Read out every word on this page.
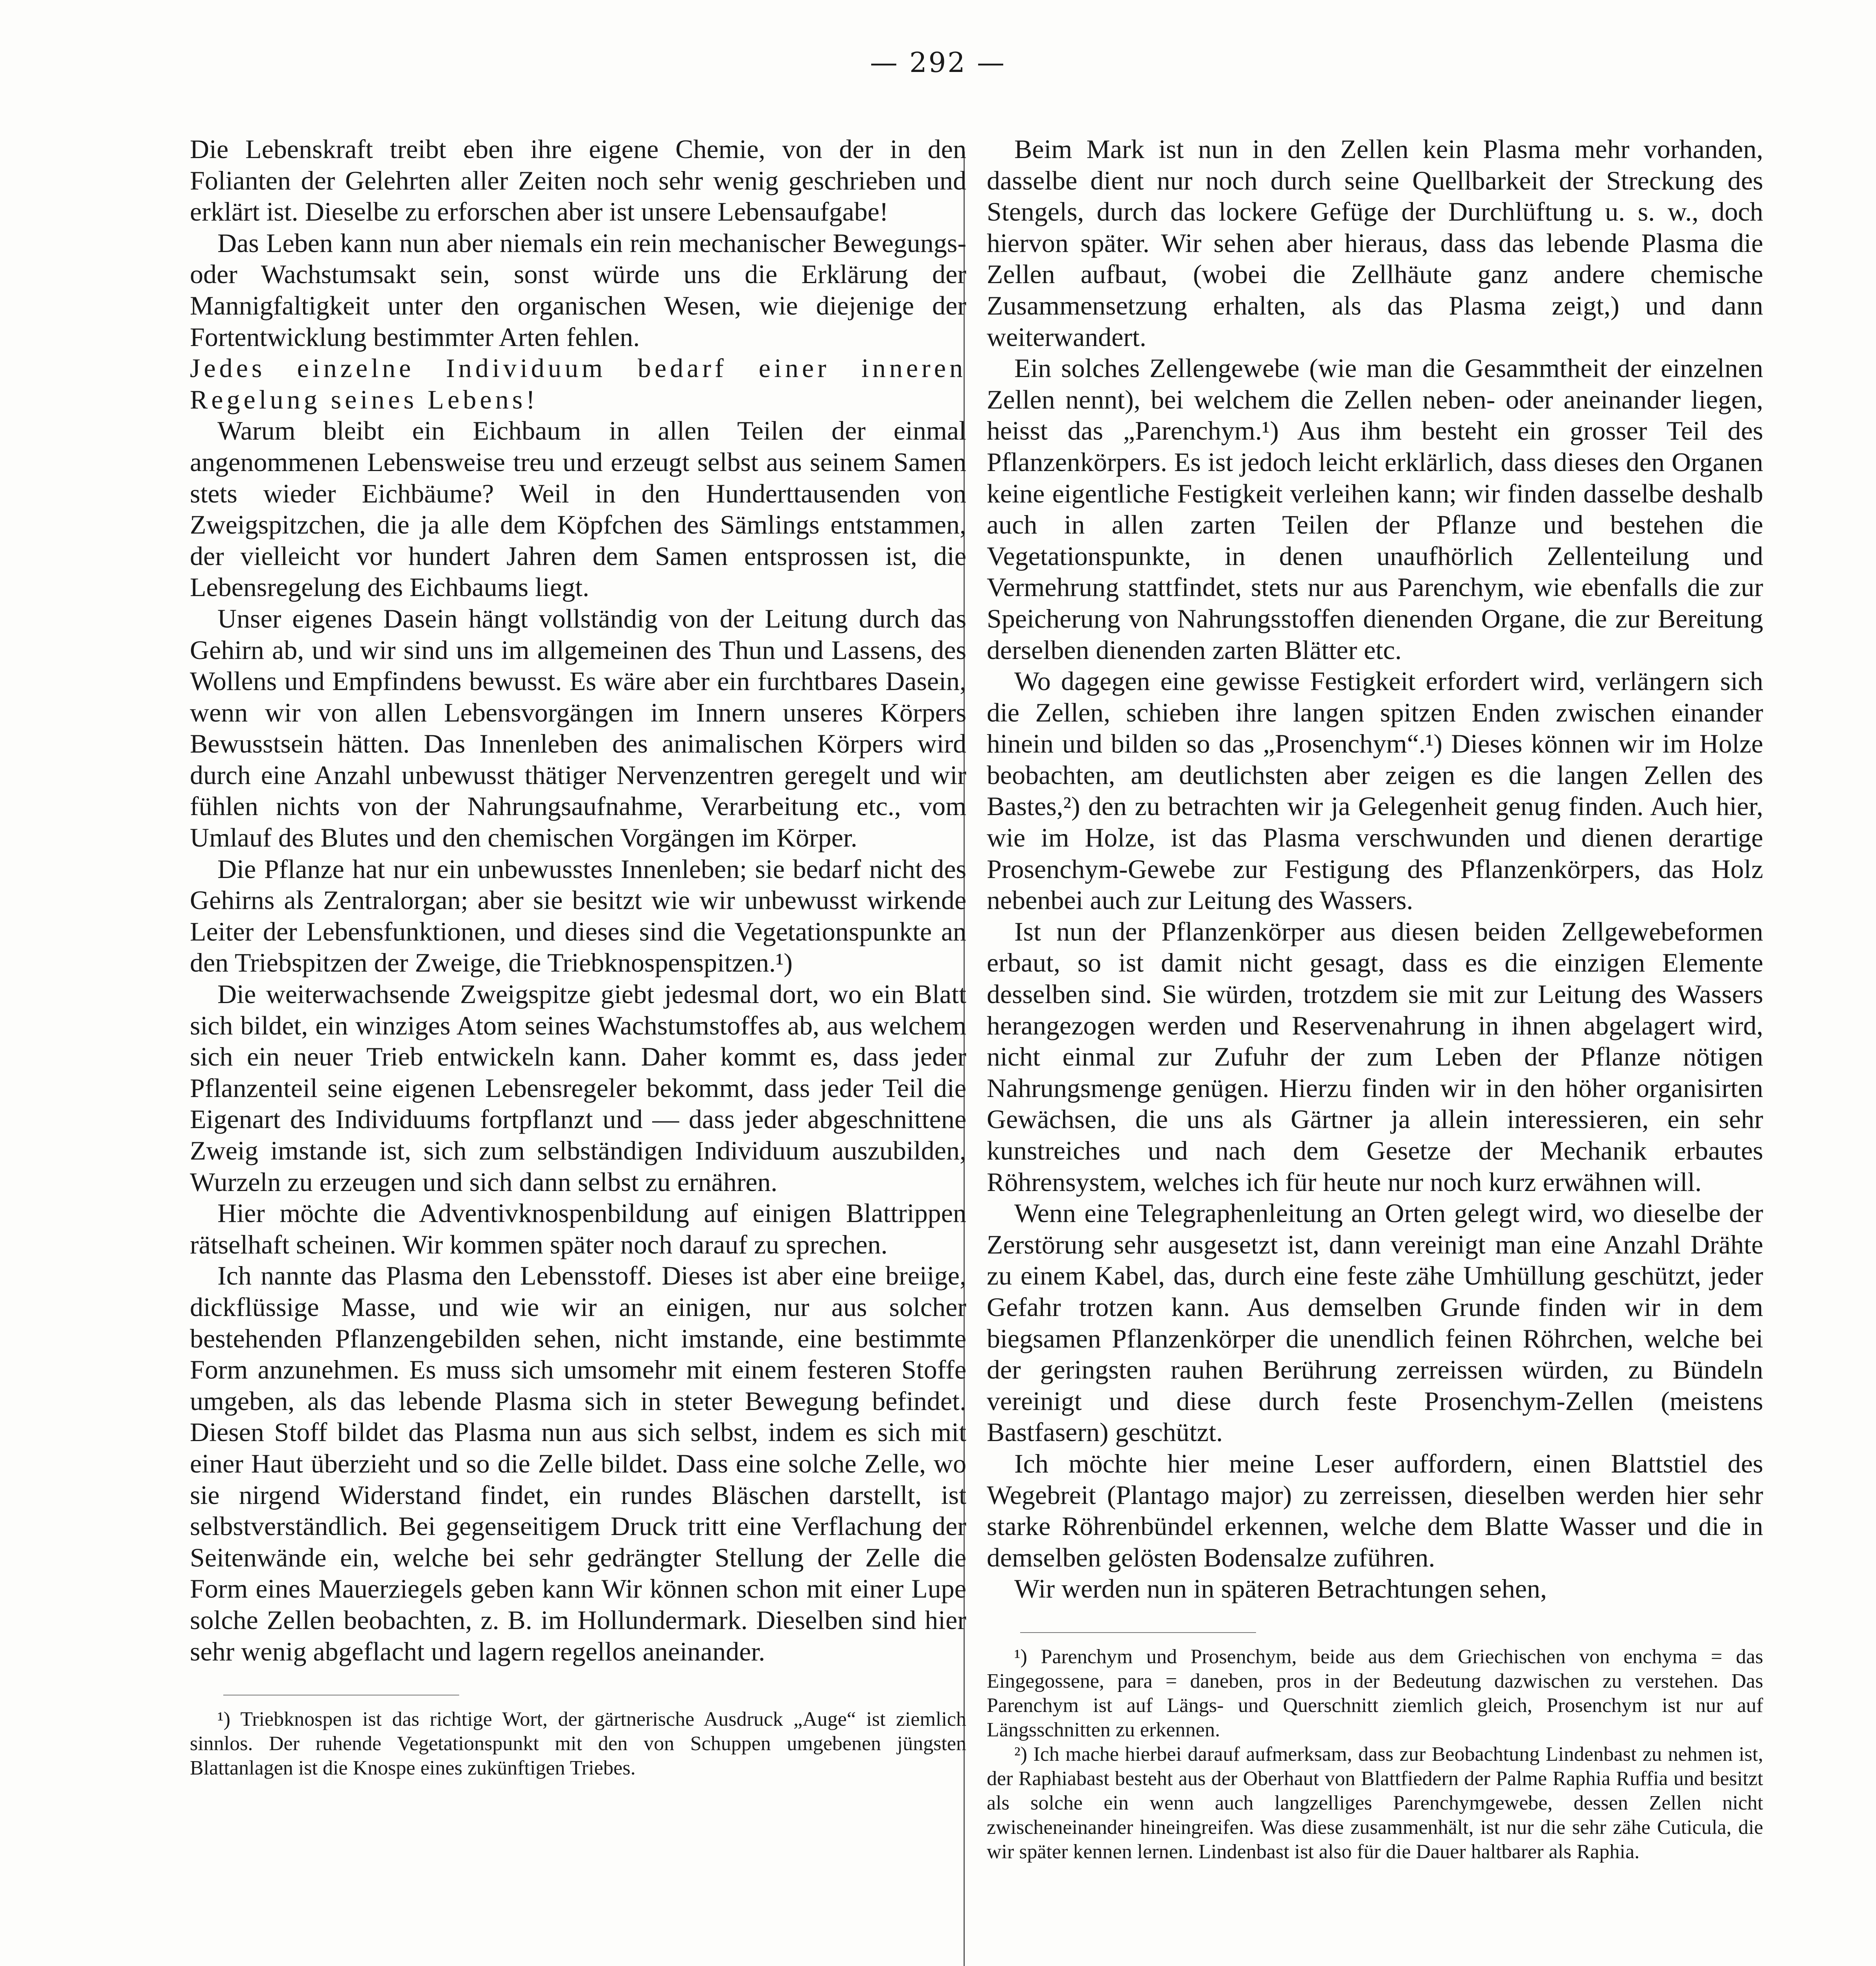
— 292 —

Die Lebenskraft treibt eben ihre eigene Chemie, von der in den Folianten der Gelehrten aller Zeiten noch sehr wenig geschrieben und erklärt ist. Dieselbe zu erforschen aber ist unsere Lebensaufgabe!

Das Leben kann nun aber niemals ein rein mechanischer Bewegungs- oder Wachstumsakt sein, sonst würde uns die Erklärung der Mannigfaltigkeit unter den organischen Wesen, wie diejenige der Fortentwicklung bestimmter Arten fehlen.

Jedes einzelne Individuum bedarf einer inneren Regelung seines Lebens!

Warum bleibt ein Eichbaum in allen Teilen der einmal angenommenen Lebensweise treu und erzeugt selbst aus seinem Samen stets wieder Eichbäume? Weil in den Hunderttausenden von Zweigspitzchen, die ja alle dem Köpfchen des Sämlings entstammen, der vielleicht vor hundert Jahren dem Samen entsprossen ist, die Lebensregelung des Eichbaums liegt.

Unser eigenes Dasein hängt vollständig von der Leitung durch das Gehirn ab, und wir sind uns im allgemeinen des Thun und Lassens, des Wollens und Empfindens bewusst. Es wäre aber ein furchtbares Dasein, wenn wir von allen Lebensvorgängen im Innern unseres Körpers Bewusstsein hätten. Das Innenleben des animalischen Körpers wird durch eine Anzahl unbewusst thätiger Nervenzentren geregelt und wir fühlen nichts von der Nahrungsaufnahme, Verarbeitung etc., vom Umlauf des Blutes und den chemischen Vorgängen im Körper.

Die Pflanze hat nur ein unbewusstes Innenleben; sie bedarf nicht des Gehirns als Zentralorgan; aber sie besitzt wie wir unbewusst wirkende Leiter der Lebensfunktionen, und dieses sind die Vegetationspunkte an den Triebspitzen der Zweige, die Triebknospenspitzen.¹)

Die weiterwachsende Zweigspitze giebt jedesmal dort, wo ein Blatt sich bildet, ein winziges Atom seines Wachstumstoffes ab, aus welchem sich ein neuer Trieb entwickeln kann. Daher kommt es, dass jeder Pflanzenteil seine eigenen Lebensregeler bekommt, dass jeder Teil die Eigenart des Individuums fortpflanzt und — dass jeder abgeschnittene Zweig imstande ist, sich zum selbständigen Individuum auszubilden, Wurzeln zu erzeugen und sich dann selbst zu ernähren.

Hier möchte die Adventivknospenbildung auf einigen Blattrippen rätselhaft scheinen. Wir kommen später noch darauf zu sprechen.

Ich nannte das Plasma den Lebensstoff. Dieses ist aber eine breiige, dickflüssige Masse, und wie wir an einigen, nur aus solcher bestehenden Pflanzengebilden sehen, nicht imstande, eine bestimmte Form anzunehmen. Es muss sich umsomehr mit einem festeren Stoffe umgeben, als das lebende Plasma sich in steter Bewegung befindet. Diesen Stoff bildet das Plasma nun aus sich selbst, indem es sich mit einer Haut überzieht und so die Zelle bildet. Dass eine solche Zelle, wo sie nirgend Widerstand findet, ein rundes Bläschen darstellt, ist selbstverständlich. Bei gegenseitigem Druck tritt eine Verflachung der Seitenwände ein, welche bei sehr gedrängter Stellung der Zelle die Form eines Mauerziegels geben kann Wir können schon mit einer Lupe solche Zellen beobachten, z. B. im Hollundermark. Dieselben sind hier sehr wenig abgeflacht und lagern regellos aneinander.

¹) Triebknospen ist das richtige Wort, der gärtnerische Ausdruck „Auge“ ist ziemlich sinnlos. Der ruhende Vegetationspunkt mit den von Schuppen umgebenen jüngsten Blattanlagen ist die Knospe eines zukünftigen Triebes.

Beim Mark ist nun in den Zellen kein Plasma mehr vorhanden, dasselbe dient nur noch durch seine Quellbarkeit der Streckung des Stengels, durch das lockere Gefüge der Durchlüftung u. s. w., doch hiervon später. Wir sehen aber hieraus, dass das lebende Plasma die Zellen aufbaut, (wobei die Zellhäute ganz andere chemische Zusammensetzung erhalten, als das Plasma zeigt,) und dann weiterwandert.

Ein solches Zellengewebe (wie man die Gesammtheit der einzelnen Zellen nennt), bei welchem die Zellen neben- oder aneinander liegen, heisst das „Parenchym.¹) Aus ihm besteht ein grosser Teil des Pflanzenkörpers. Es ist jedoch leicht erklärlich, dass dieses den Organen keine eigentliche Festigkeit verleihen kann; wir finden dasselbe deshalb auch in allen zarten Teilen der Pflanze und bestehen die Vegetationspunkte, in denen unaufhörlich Zellenteilung und Vermehrung stattfindet, stets nur aus Parenchym, wie ebenfalls die zur Speicherung von Nahrungsstoffen dienenden Organe, die zur Bereitung derselben dienenden zarten Blätter etc.

Wo dagegen eine gewisse Festigkeit erfordert wird, verlängern sich die Zellen, schieben ihre langen spitzen Enden zwischen einander hinein und bilden so das „Prosenchym“.¹) Dieses können wir im Holze beobachten, am deutlichsten aber zeigen es die langen Zellen des Bastes,²) den zu betrachten wir ja Gelegenheit genug finden. Auch hier, wie im Holze, ist das Plasma verschwunden und dienen derartige Prosenchym-Gewebe zur Festigung des Pflanzenkörpers, das Holz nebenbei auch zur Leitung des Wassers.

Ist nun der Pflanzenkörper aus diesen beiden Zellgewebeformen erbaut, so ist damit nicht gesagt, dass es die einzigen Elemente desselben sind. Sie würden, trotzdem sie mit zur Leitung des Wassers herangezogen werden und Reservenahrung in ihnen abgelagert wird, nicht einmal zur Zufuhr der zum Leben der Pflanze nötigen Nahrungsmenge genügen. Hierzu finden wir in den höher organisirten Gewächsen, die uns als Gärtner ja allein interessieren, ein sehr kunstreiches und nach dem Gesetze der Mechanik erbautes Röhrensystem, welches ich für heute nur noch kurz erwähnen will.

Wenn eine Telegraphenleitung an Orten gelegt wird, wo dieselbe der Zerstörung sehr ausgesetzt ist, dann vereinigt man eine Anzahl Drähte zu einem Kabel, das, durch eine feste zähe Umhüllung geschützt, jeder Gefahr trotzen kann. Aus demselben Grunde finden wir in dem biegsamen Pflanzenkörper die unendlich feinen Röhrchen, welche bei der geringsten rauhen Berührung zerreissen würden, zu Bündeln vereinigt und diese durch feste Prosenchym-Zellen (meistens Bastfasern) geschützt.

Ich möchte hier meine Leser auffordern, einen Blattstiel des Wegebreit (Plantago major) zu zerreissen, dieselben werden hier sehr starke Röhrenbündel erkennen, welche dem Blatte Wasser und die in demselben gelösten Bodensalze zuführen.

Wir werden nun in späteren Betrachtungen sehen,

¹) Parenchym und Prosenchym, beide aus dem Griechischen von enchyma = das Eingegossene, para = daneben, pros in der Bedeutung dazwischen zu verstehen. Das Parenchym ist auf Längs- und Querschnitt ziemlich gleich, Prosenchym ist nur auf Längsschnitten zu erkennen.

²) Ich mache hierbei darauf aufmerksam, dass zur Beobachtung Lindenbast zu nehmen ist, der Raphiabast besteht aus der Oberhaut von Blattfiedern der Palme Raphia Ruffia und besitzt als solche ein wenn auch langzelliges Parenchymgewebe, dessen Zellen nicht zwischeneinander hineingreifen. Was diese zusammenhält, ist nur die sehr zähe Cuticula, die wir später kennen lernen. Lindenbast ist also für die Dauer haltbarer als Raphia.
